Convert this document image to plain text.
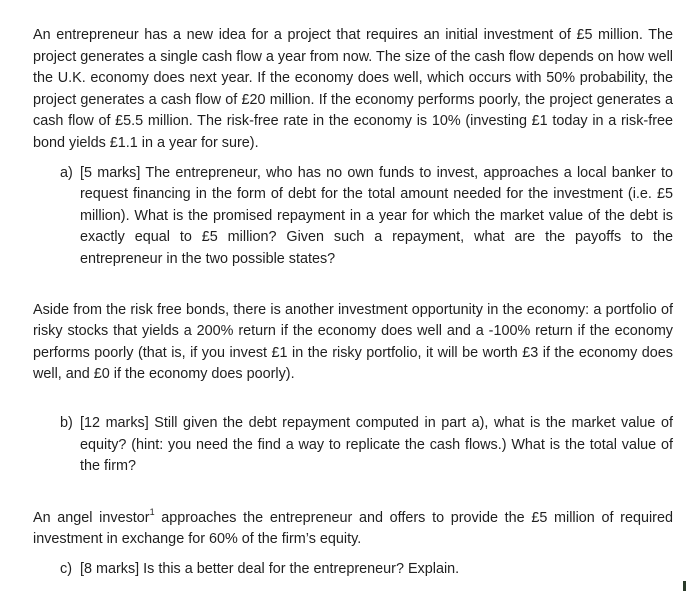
An entrepreneur has a new idea for a project that requires an initial investment of £5 million. The project generates a single cash flow a year from now. The size of the cash flow depends on how well the U.K. economy does next year. If the economy does well, which occurs with 50% probability, the project generates a cash flow of £20 million. If the economy performs poorly, the project generates a cash flow of £5.5 million. The risk-free rate in the economy is 10% (investing £1 today in a risk-free bond yields £1.1 in a year for sure).

a) [5 marks] The entrepreneur, who has no own funds to invest, approaches a local banker to request financing in the form of debt for the total amount needed for the investment (i.e. £5 million). What is the promised repayment in a year for which the market value of the debt is exactly equal to £5 million? Given such a repayment, what are the payoffs to the entrepreneur in the two possible states?

Aside from the risk free bonds, there is another investment opportunity in the economy: a portfolio of risky stocks that yields a 200% return if the economy does well and a -100% return if the economy performs poorly (that is, if you invest £1 in the risky portfolio, it will be worth £3 if the economy does well, and £0 if the economy does poorly).

b) [12 marks] Still given the debt repayment computed in part a), what is the market value of equity? (hint: you need the find a way to replicate the cash flows.) What is the total value of the firm?

An angel investor$^1$ approaches the entrepreneur and offers to provide the £5 million of required investment in exchange for 60% of the firm’s equity.

c) [8 marks] Is this a better deal for the entrepreneur? Explain.
